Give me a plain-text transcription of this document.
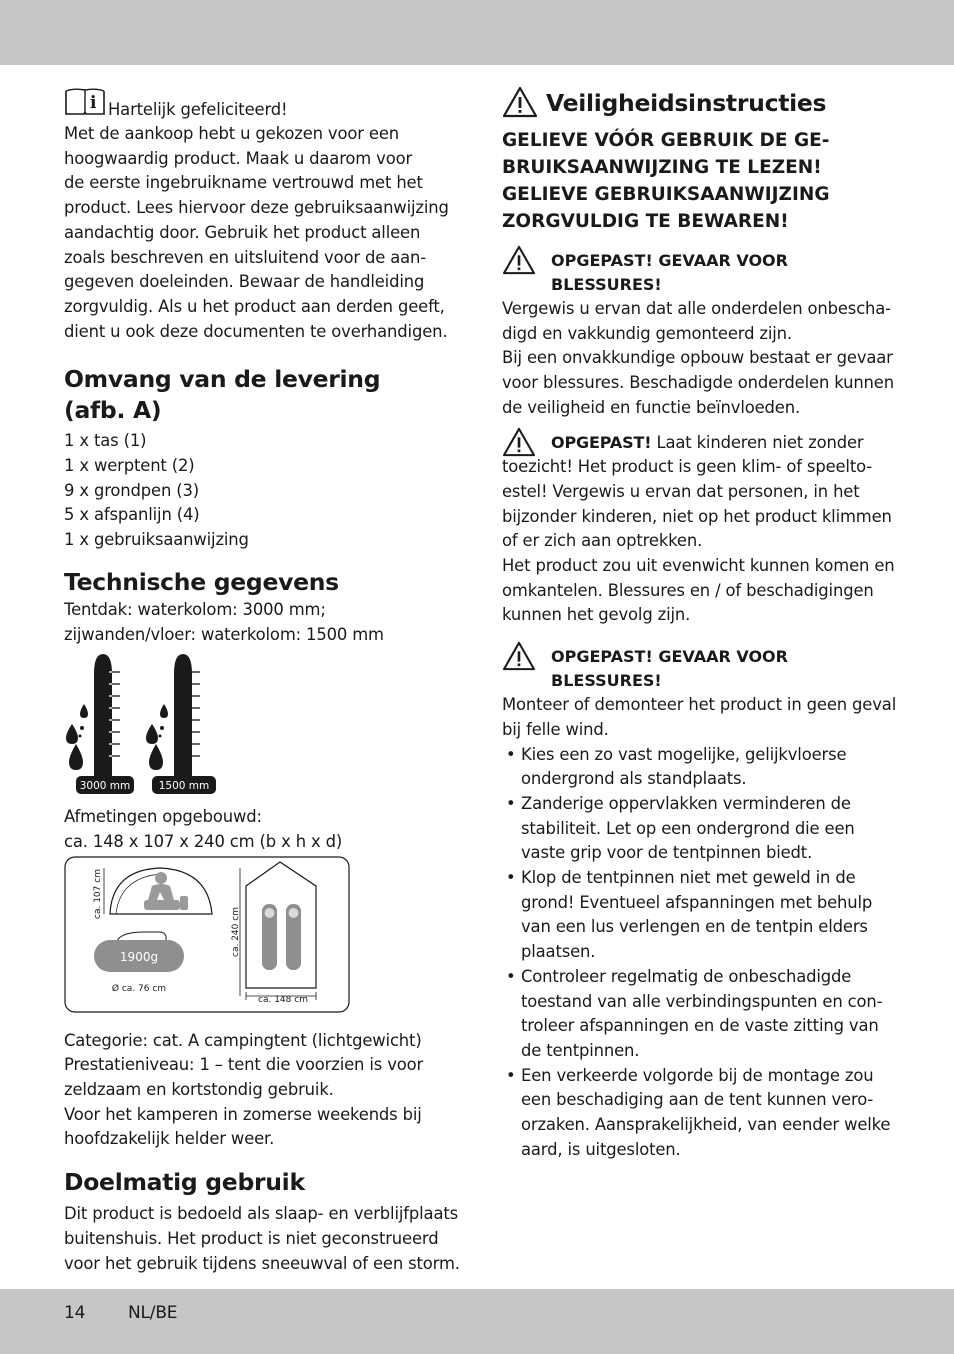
i Hartelijk gefeliciteerd!

Met de aankoop hebt u gekozen voor een
hoogwaardig product. Maak u daarom voor
de eerste ingebruikname vertrouwd met het
product. Lees hiervoor deze gebruiksaanwijzing
aandachtig door. Gebruik het product alleen
zoals beschreven en uitsluitend voor de aan-
gegeven doeleinden. Bewaar de handleiding
zorgvuldig. Als u het product aan derden geeft,
dient u ook deze documenten te overhandigen.

Omvang van de levering
(afb. A)

1 x tas (1)
1 x werptent (2)
9 x grondpen (3)
5 x afspanlijn (4)
1 x gebruiksaanwijzing

Technische gegevens

Tentdak: waterkolom: 3000 mm;
zijwanden/vloer: waterkolom: 1500 mm

3000 mm	1500 mm

Afmetingen opgebouwd:
ca. 148 x 107 x 240 cm (b x h x d)

ca. 107 cm
1900g
Ø ca. 76 cm
ca. 240 cm
ca. 148 cm

Categorie: cat. A campingtent (lichtgewicht)
Prestatieniveau: 1 – tent die voorzien is voor
zeldzaam en kortstondig gebruik.
Voor het kamperen in zomerse weekends bij
hoofdzakelijk helder weer.

Doelmatig gebruik

Dit product is bedoeld als slaap- en verblijfplaats
buitenshuis. Het product is niet geconstrueerd
voor het gebruik tijdens sneeuwval of een storm.

Veiligheidsinstructies

GELIEVE VÓÓR GEBRUIK DE GE-
BRUIKSAANWIJZING TE LEZEN!
GELIEVE GEBRUIKSAANWIJZING
ZORGVULDIG TE BEWAREN!

OPGEPAST! GEVAAR VOOR
BLESSURES!

Vergewis u ervan dat alle onderdelen onbescha-
digd en vakkundig gemonteerd zijn.
Bij een onvakkundige opbouw bestaat er gevaar
voor blessures. Beschadigde onderdelen kunnen
de veiligheid en functie beïnvloeden.

OPGEPAST! Laat kinderen niet zonder

toezicht! Het product is geen klim- of speelto-
estel! Vergewis u ervan dat personen, in het
bijzonder kinderen, niet op het product klimmen
of er zich aan optrekken.
Het product zou uit evenwicht kunnen komen en
omkantelen. Blessures en / of beschadigingen
kunnen het gevolg zijn.

OPGEPAST! GEVAAR VOOR
BLESSURES!

Monteer of demonteer het product in geen geval
bij felle wind.

• Kies een zo vast mogelijke, gelijkvloerse
ondergrond als standplaats.
• Zanderige oppervlakken verminderen de
stabiliteit. Let op een ondergrond die een
vaste grip voor de tentpinnen biedt.
• Klop de tentpinnen niet met geweld in de
grond! Eventueel afspanningen met behulp
van een lus verlengen en de tentpin elders
plaatsen.
• Controleer regelmatig de onbeschadigde
toestand van alle verbindingspunten en con-
troleer afspanningen en de vaste zitting van
de tentpinnen.
• Een verkeerde volgorde bij de montage zou
een beschadiging aan de tent kunnen vero-
orzaken. Aansprakelijkheid, van eender welke
aard, is uitgesloten.
14	NL/BE
